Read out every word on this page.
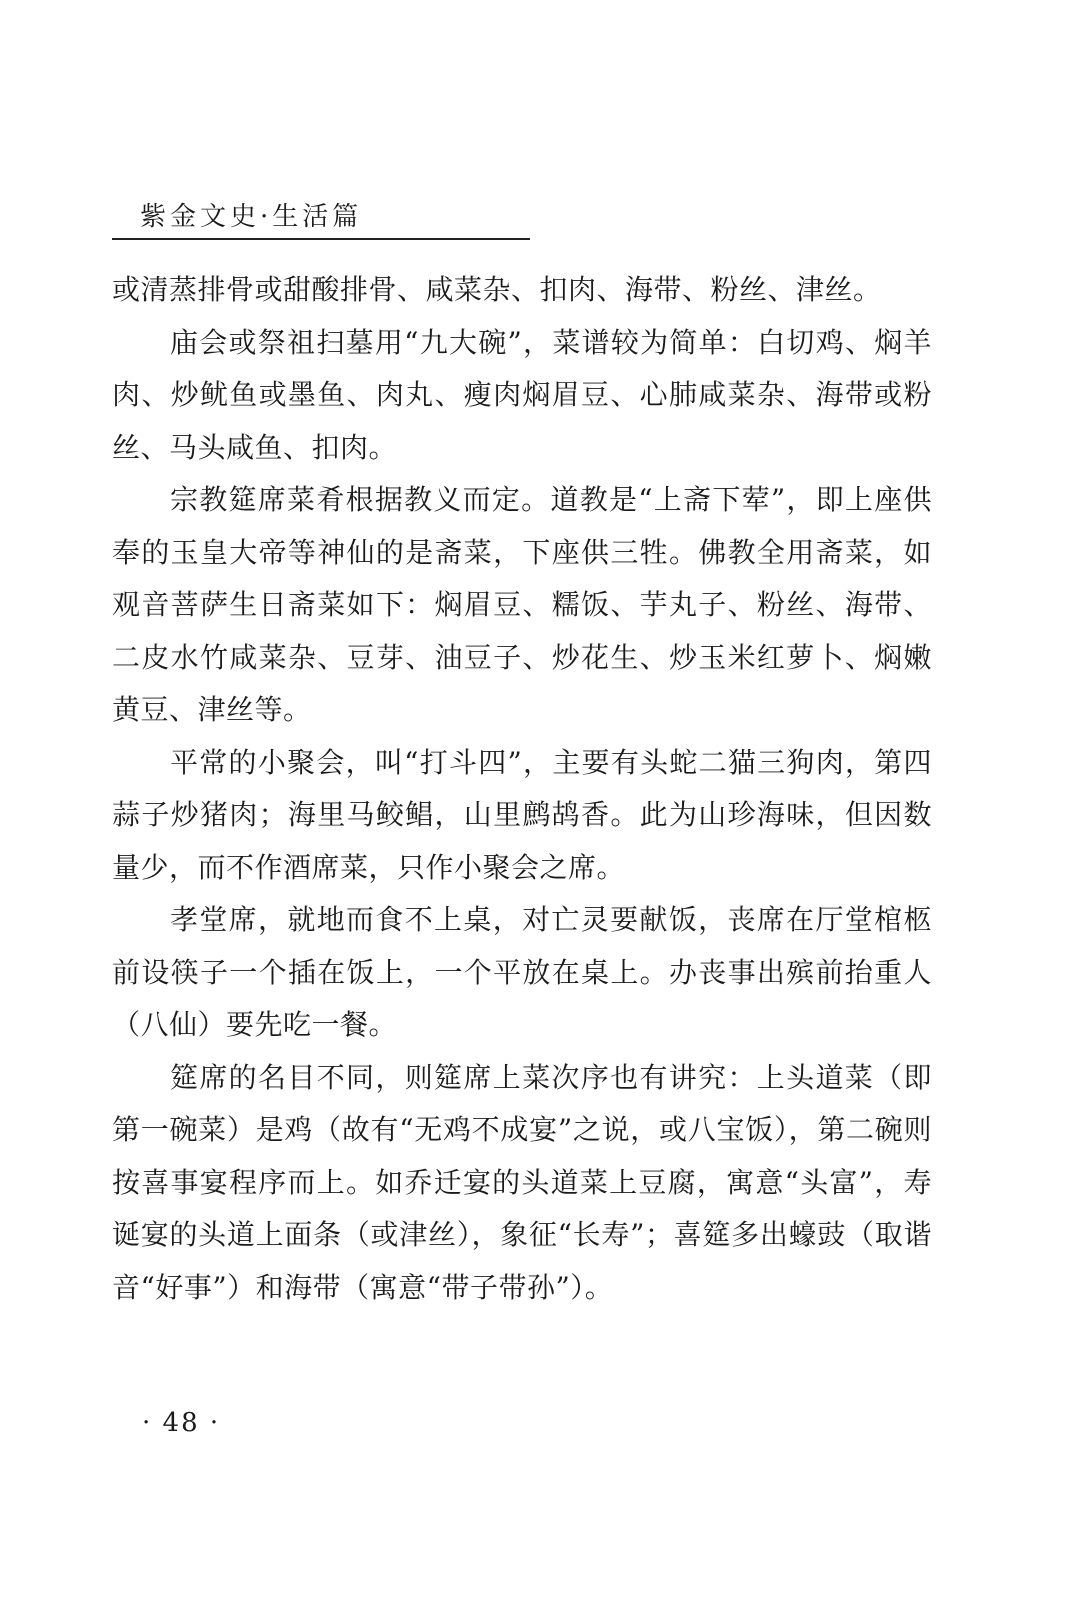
紫金文史·生活篇

或清蒸排骨或甜酸排骨、咸菜杂、扣肉、海带、粉丝、津丝。

庙会或祭祖扫墓用“九大碗”，菜谱较为简单：白切鸡、焖羊肉、炒鱿鱼或墨鱼、肉丸、瘦肉焖眉豆、心肺咸菜杂、海带或粉丝、马头咸鱼、扣肉。

宗教筵席菜肴根据教义而定。道教是“上斋下荤”，即上座供奉的玉皇大帝等神仙的是斋菜，下座供三牲。佛教全用斋菜，如观音菩萨生日斋菜如下：焖眉豆、糯饭、芋丸子、粉丝、海带、二皮水竹咸菜杂、豆芽、油豆子、炒花生、炒玉米红萝卜、焖嫩黄豆、津丝等。

平常的小聚会，叫“打斗四”，主要有头蛇二猫三狗肉，第四蒜子炒猪肉；海里马鲛鲳，山里鹧鸪香。此为山珍海味，但因数量少，而不作酒席菜，只作小聚会之席。

孝堂席，就地而食不上桌，对亡灵要献饭，丧席在厅堂棺柩前设筷子一个插在饭上，一个平放在桌上。办丧事出殡前抬重人（八仙）要先吃一餐。

筵席的名目不同，则筵席上菜次序也有讲究：上头道菜（即第一碗菜）是鸡（故有“无鸡不成宴”之说，或八宝饭），第二碗则按喜事宴程序而上。如乔迁宴的头道菜上豆腐，寓意“头富”，寿诞宴的头道上面条（或津丝），象征“长寿”；喜筵多出蠔豉（取谐音“好事”）和海带（寓意“带子带孙”）。

· 48 ·
